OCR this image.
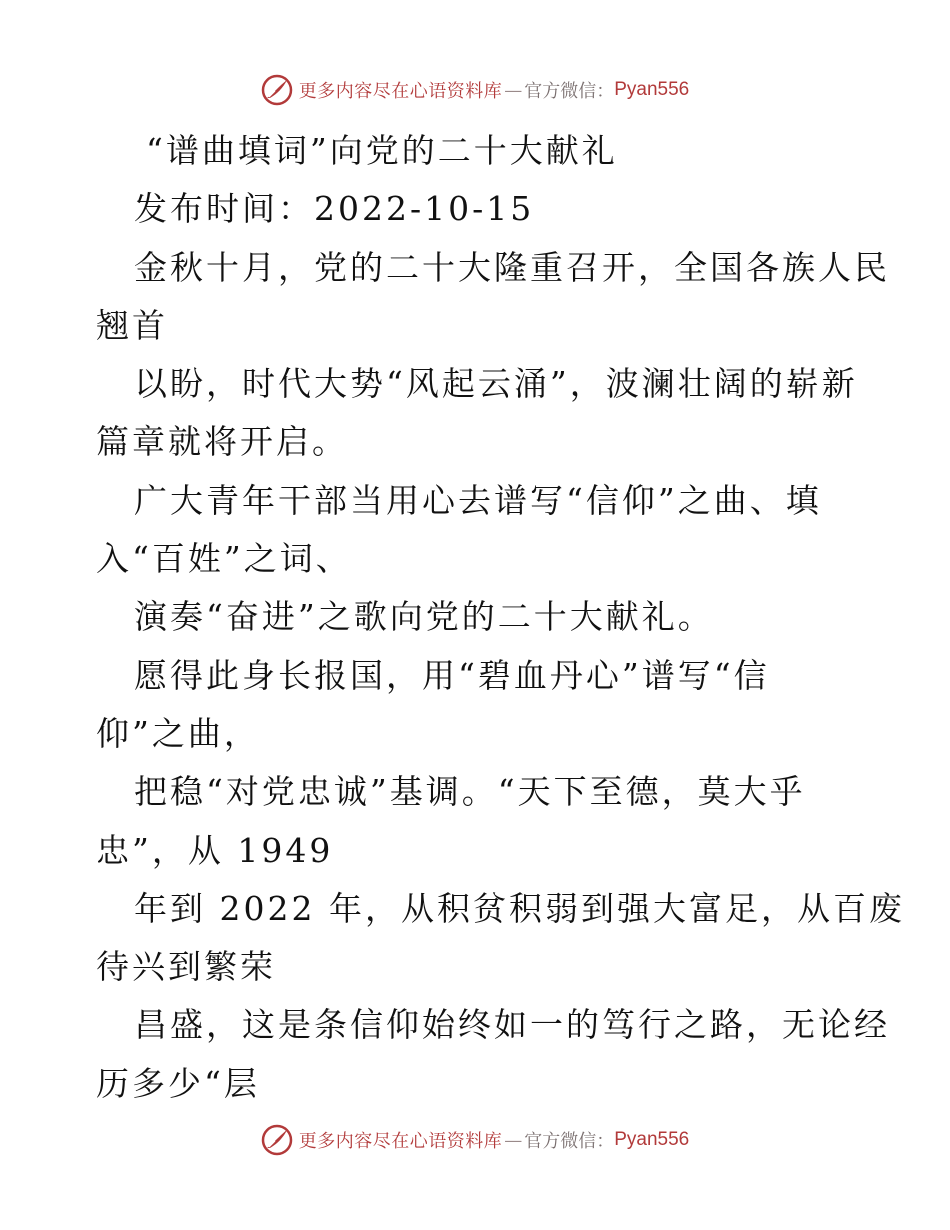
更多内容尽在心语资料库 — 官方微信： Pyan556
“谱曲填词”向党的二十大献礼
发布时间：2022-10-15
金秋十月，党的二十大隆重召开，全国各族人民
翘首
以盼，时代大势“风起云涌”，波澜壮阔的崭新
篇章就将开启。
广大青年干部当用心去谱写“信仰”之曲、填
入“百姓”之词、
演奏“奋进”之歌向党的二十大献礼。
愿得此身长报国，用“碧血丹心”谱写“信
仰”之曲，
把稳“对党忠诚”基调。“天下至德，莫大乎
忠”，从 1949
年到 2022 年，从积贫积弱到强大富足，从百废
待兴到繁荣
昌盛，这是条信仰始终如一的笃行之路，无论经
历多少“层
更多内容尽在心语资料库 — 官方微信： Pyan556
